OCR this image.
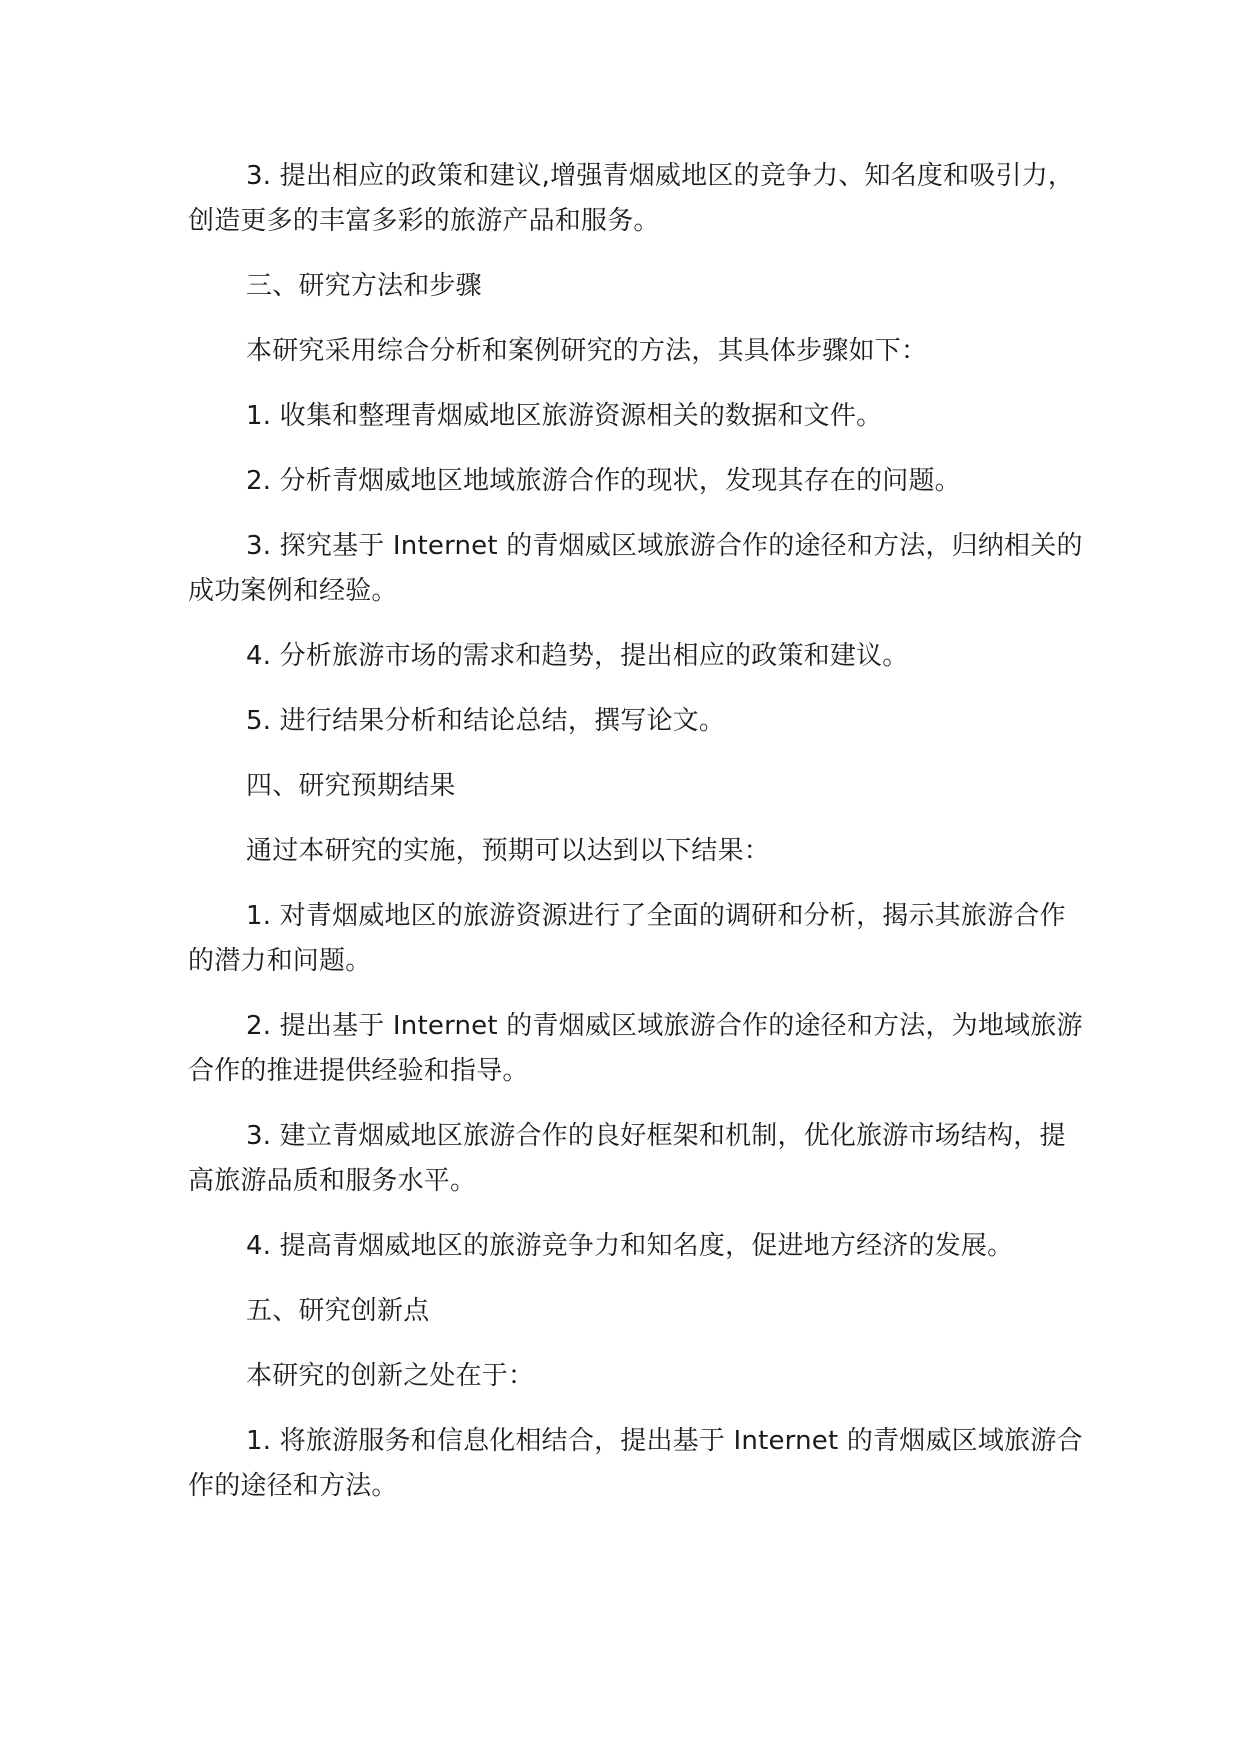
3. 提出相应的政策和建议,增强青烟威地区的竞争力、知名度和吸引力，创造更多的丰富多彩的旅游产品和服务。

三、研究方法和步骤

本研究采用综合分析和案例研究的方法，其具体步骤如下：

1. 收集和整理青烟威地区旅游资源相关的数据和文件。

2. 分析青烟威地区地域旅游合作的现状，发现其存在的问题。

3. 探究基于 Internet 的青烟威区域旅游合作的途径和方法，归纳相关的成功案例和经验。

4. 分析旅游市场的需求和趋势，提出相应的政策和建议。

5. 进行结果分析和结论总结，撰写论文。

四、研究预期结果

通过本研究的实施，预期可以达到以下结果：

1. 对青烟威地区的旅游资源进行了全面的调研和分析，揭示其旅游合作的潜力和问题。

2. 提出基于 Internet 的青烟威区域旅游合作的途径和方法，为地域旅游合作的推进提供经验和指导。

3. 建立青烟威地区旅游合作的良好框架和机制，优化旅游市场结构，提高旅游品质和服务水平。

4. 提高青烟威地区的旅游竞争力和知名度，促进地方经济的发展。

五、研究创新点

本研究的创新之处在于：

1. 将旅游服务和信息化相结合，提出基于 Internet 的青烟威区域旅游合作的途径和方法。
